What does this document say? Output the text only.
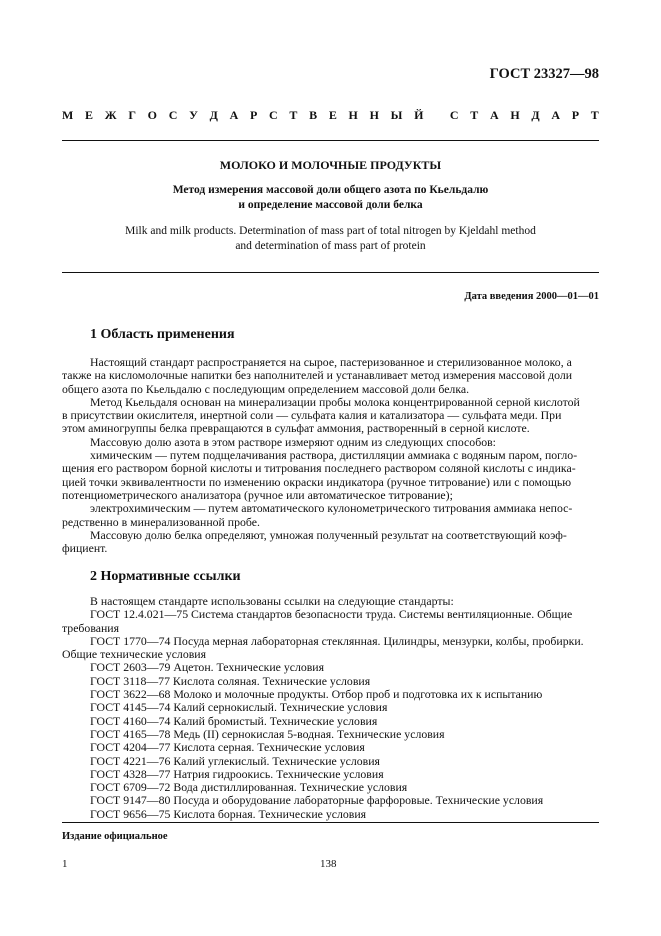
ГОСТ 23327—98
М Е Ж Г О С У Д А Р С Т В Е Н Н Ы Й
С Т А Н Д А Р Т
МОЛОКО И МОЛОЧНЫЕ ПРОДУКТЫ
Метод измерения массовой доли общего азота по Кьельдалю
и определение массовой доли белка
Milk and milk products. Determination of mass part of total nitrogen by Kjeldahl method
and determination of mass part of protein
Дата введения 2000—01—01
1 Область применения
Настоящий стандарт распространяется на сырое, пастеризованное и стерилизованное молоко, а
также на кисломолочные напитки без наполнителей и устанавливает метод измерения массовой доли
общего азота по Кьельдалю с последующим определением массовой доли белка.
Метод Кьельдаля основан на минерализации пробы молока концентрированной серной кислотой
в присутствии окислителя, инертной соли — сульфата калия и катализатора — сульфата меди. При
этом аминогруппы белка превращаются в сульфат аммония, растворенный в серной кислоте.
Массовую долю азота в этом растворе измеряют одним из следующих способов:
химическим — путем подщелачивания раствора, дистилляции аммиака с водяным паром, погло-
щения его раствором борной кислоты и титрования последнего раствором соляной кислоты с индика-
цией точки эквивалентности по изменению окраски индикатора (ручное титрование) или с помощью
потенциометрического анализатора (ручное или автоматическое титрование);
электрохимическим — путем автоматического кулонометрического титрования аммиака непос-
редственно в минерализованной пробе.
Массовую долю белка определяют, умножая полученный результат на соответствующий коэф-
фициент.
2 Нормативные ссылки
В настоящем стандарте использованы ссылки на следующие стандарты:
ГОСТ 12.4.021—75 Система стандартов безопасности труда. Системы вентиляционные. Общие
требования
ГОСТ 1770—74 Посуда мерная лабораторная стеклянная. Цилиндры, мензурки, колбы, пробирки.
Общие технические условия
ГОСТ 2603—79 Ацетон. Технические условия
ГОСТ 3118—77 Кислота соляная. Технические условия
ГОСТ 3622—68 Молоко и молочные продукты. Отбор проб и подготовка их к испытанию
ГОСТ 4145—74 Калий сернокислый. Технические условия
ГОСТ 4160—74 Калий бромистый. Технические условия
ГОСТ 4165—78 Медь (II) сернокислая 5-водная. Технические условия
ГОСТ 4204—77 Кислота серная. Технические условия
ГОСТ 4221—76 Калий углекислый. Технические условия
ГОСТ 4328—77 Натрия гидроокись. Технические условия
ГОСТ 6709—72 Вода дистиллированная. Технические условия
ГОСТ 9147—80 Посуда и оборудование лабораторные фарфоровые. Технические условия
ГОСТ 9656—75 Кислота борная. Технические условия
Издание официальное
1	138
